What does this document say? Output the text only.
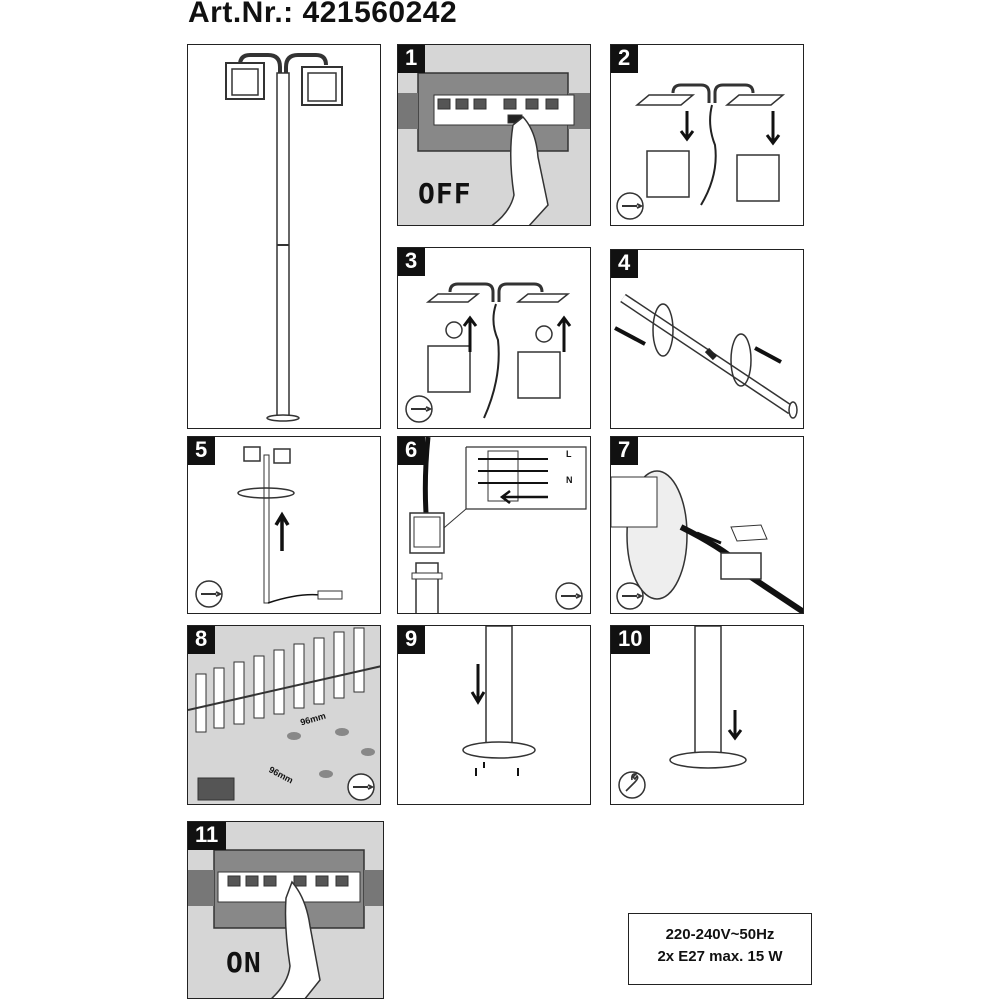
Art.Nr.: 421560242
1
OFF
2
3	4
5	6	L
N
7
8
96mm
96mm
9	10
11
ON
220-240V~50Hz
2x E27 max. 15 W
